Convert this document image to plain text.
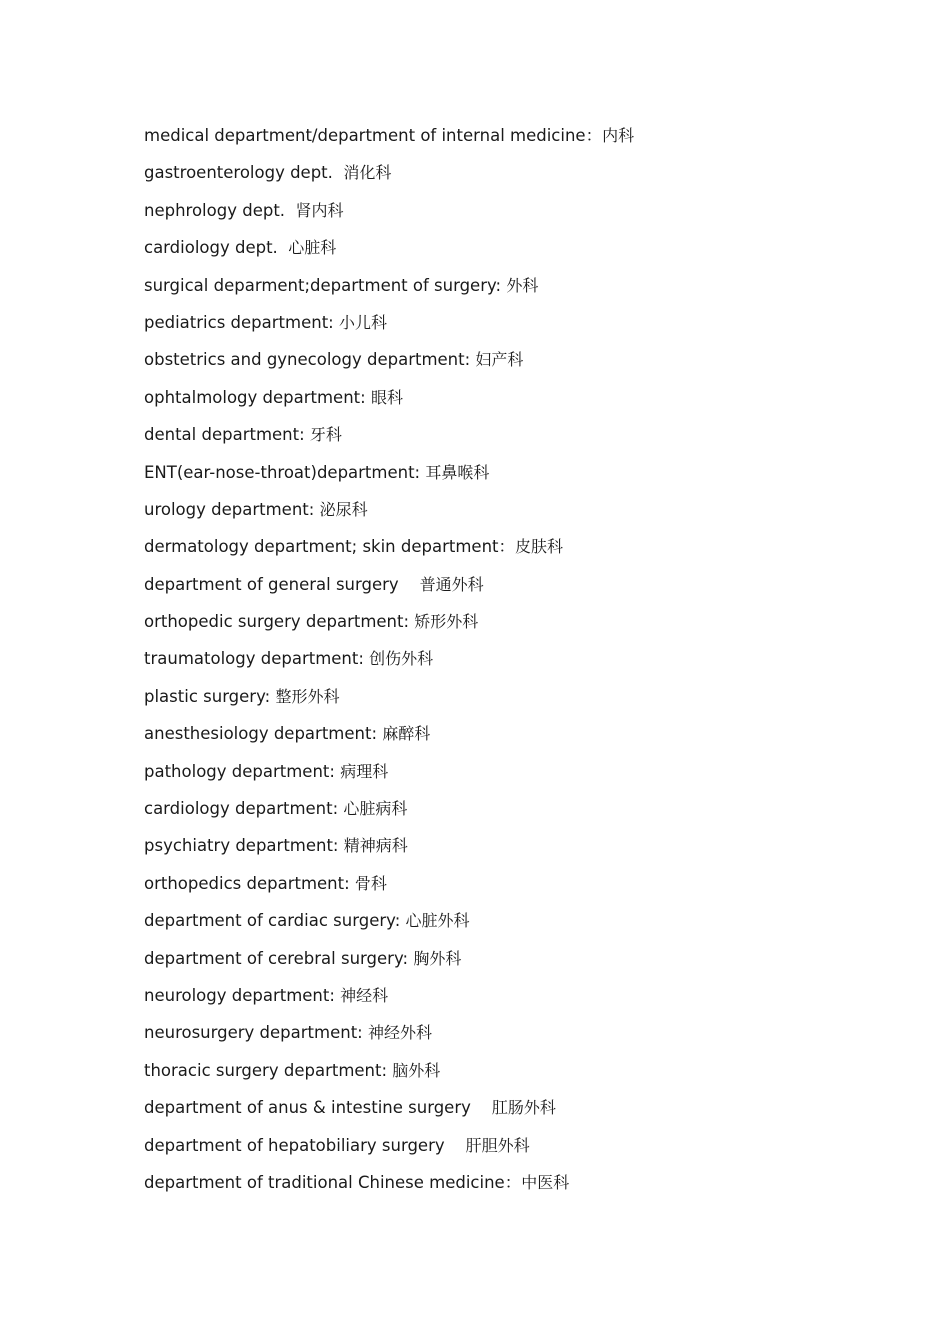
medical department/department of internal medicine：内科
gastroenterology dept.  消化科
nephrology dept.  肾内科
cardiology dept.  心脏科
surgical deparment;department of surgery: 外科
pediatrics department: 小儿科
obstetrics and gynecology department: 妇产科
ophtalmology department: 眼科
dental department: 牙科
ENT(ear-nose-throat)department: 耳鼻喉科
urology department: 泌尿科
dermatology department; skin department：皮肤科
department of general surgery    普通外科
orthopedic surgery department: 矫形外科
traumatology department: 创伤外科
plastic surgery: 整形外科
anesthesiology department: 麻醉科
pathology department: 病理科
cardiology department: 心脏病科
psychiatry department: 精神病科
orthopedics department: 骨科
department of cardiac surgery: 心脏外科
department of cerebral surgery: 胸外科
neurology department: 神经科
neurosurgery department: 神经外科
thoracic surgery department: 脑外科
department of anus & intestine surgery    肛肠外科
department of hepatobiliary surgery    肝胆外科
department of traditional Chinese medicine：中医科
